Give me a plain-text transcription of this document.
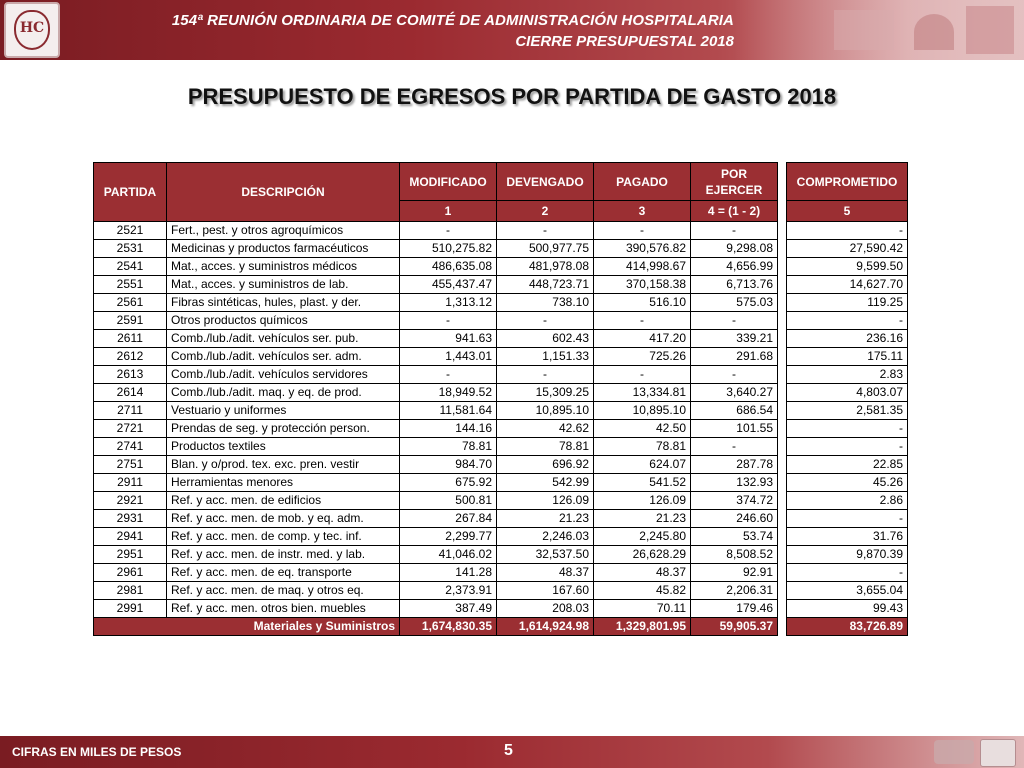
HC	154ª REUNIÓN ORDINARIA DE COMITÉ DE ADMINISTRACIÓN HOSPITALARIA
CIERRE PRESUPUESTAL 2018
PRESUPUESTO DE EGRESOS POR PARTIDA DE GASTO 2018
PARTIDA	DESCRIPCIÓN	MODIFICADO	DEVENGADO	PAGADO	POR EJERCER		COMPROMETIDO
		1	2	3	4 = (1 - 2)		5
2521	Fert., pest. y otros agroquímicos	-	-	-	-		-
2531	Medicinas y productos farmacéuticos	510,275.82	500,977.75	390,576.82	9,298.08		27,590.42
2541	Mat., acces. y suministros médicos	486,635.08	481,978.08	414,998.67	4,656.99		9,599.50
2551	Mat., acces. y suministros de lab.	455,437.47	448,723.71	370,158.38	6,713.76		14,627.70
2561	Fibras sintéticas, hules, plast. y der.	1,313.12	738.10	516.10	575.03		119.25
2591	Otros productos químicos	-	-	-	-		-
2611	Comb./lub./adit. vehículos ser. pub.	941.63	602.43	417.20	339.21		236.16
2612	Comb./lub./adit. vehículos ser. adm.	1,443.01	1,151.33	725.26	291.68		175.11
2613	Comb./lub./adit. vehículos servidores	-	-	-	-		2.83
2614	Comb./lub./adit. maq. y eq. de prod.	18,949.52	15,309.25	13,334.81	3,640.27		4,803.07
2711	Vestuario y uniformes	11,581.64	10,895.10	10,895.10	686.54		2,581.35
2721	Prendas de seg. y protección person.	144.16	42.62	42.50	101.55		-
2741	Productos textiles	78.81	78.81	78.81	-		-
2751	Blan. y o/prod. tex. exc. pren. vestir	984.70	696.92	624.07	287.78		22.85
2911	Herramientas menores	675.92	542.99	541.52	132.93		45.26
2921	Ref. y acc. men. de edificios	500.81	126.09	126.09	374.72		2.86
2931	Ref. y acc. men. de mob. y eq. adm.	267.84	21.23	21.23	246.60		-
2941	Ref. y acc. men. de comp. y tec. inf.	2,299.77	2,246.03	2,245.80	53.74		31.76
2951	Ref. y acc. men. de instr. med. y lab.	41,046.02	32,537.50	26,628.29	8,508.52		9,870.39
2961	Ref. y acc. men. de eq. transporte	141.28	48.37	48.37	92.91		-
2981	Ref. y acc. men. de maq. y otros eq.	2,373.91	167.60	45.82	2,206.31		3,655.04
2991	Ref. y acc. men. otros bien. muebles	387.49	208.03	70.11	179.46		99.43
Materiales y Suministros		1,674,830.35	1,614,924.98	1,329,801.95	59,905.37		83,726.89
CIFRAS EN MILES DE PESOS	5
